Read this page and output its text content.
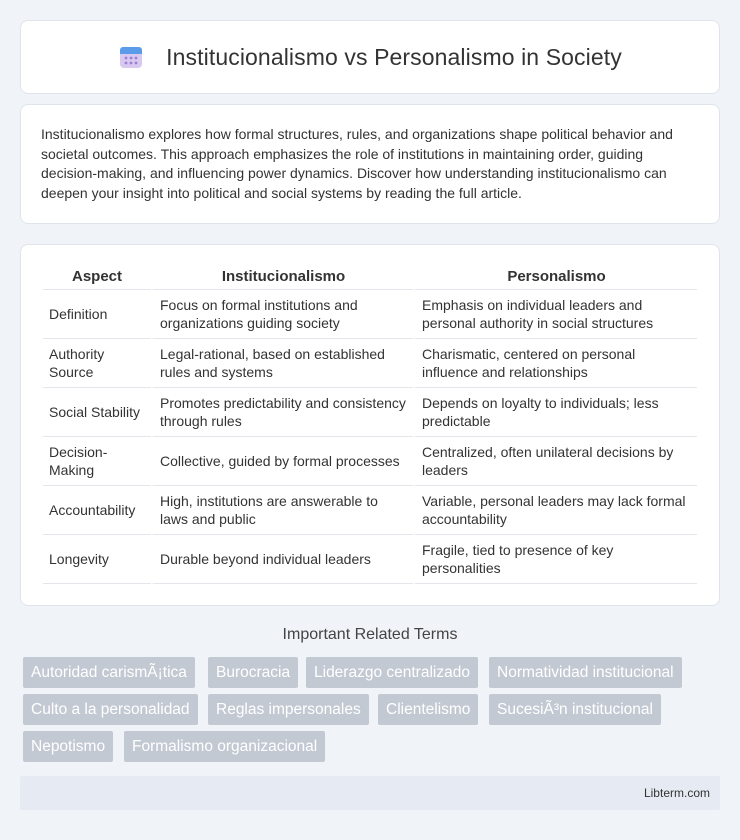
Institucionalismo vs Personalismo in Society

Institucionalismo explores how formal structures, rules, and organizations shape political behavior and societal outcomes. This approach emphasizes the role of institutions in maintaining order, guiding decision-making, and influencing power dynamics. Discover how understanding institucionalismo can deepen your insight into political and social systems by reading the full article.

Aspect	Institucionalismo	Personalismo
Definition	Focus on formal institutions and organizations guiding society	Emphasis on individual leaders and personal authority in social structures
Authority Source	Legal-rational, based on established rules and systems	Charismatic, centered on personal influence and relationships
Social Stability	Promotes predictability and consistency through rules	Depends on loyalty to individuals; less predictable
Decision-Making	Collective, guided by formal processes	Centralized, often unilateral decisions by leaders
Accountability	High, institutions are answerable to laws and public	Variable, personal leaders may lack formal accountability
Longevity	Durable beyond individual leaders	Fragile, tied to presence of key personalities
Important Related Terms
Autoridad carismÃ¡tica	Burocracia	Liderazgo centralizado	Normatividad institucional
Culto a la personalidad	Reglas impersonales	Clientelismo	SucesiÃ³n institucional
Nepotismo	Formalismo organizacional
Libterm.com
